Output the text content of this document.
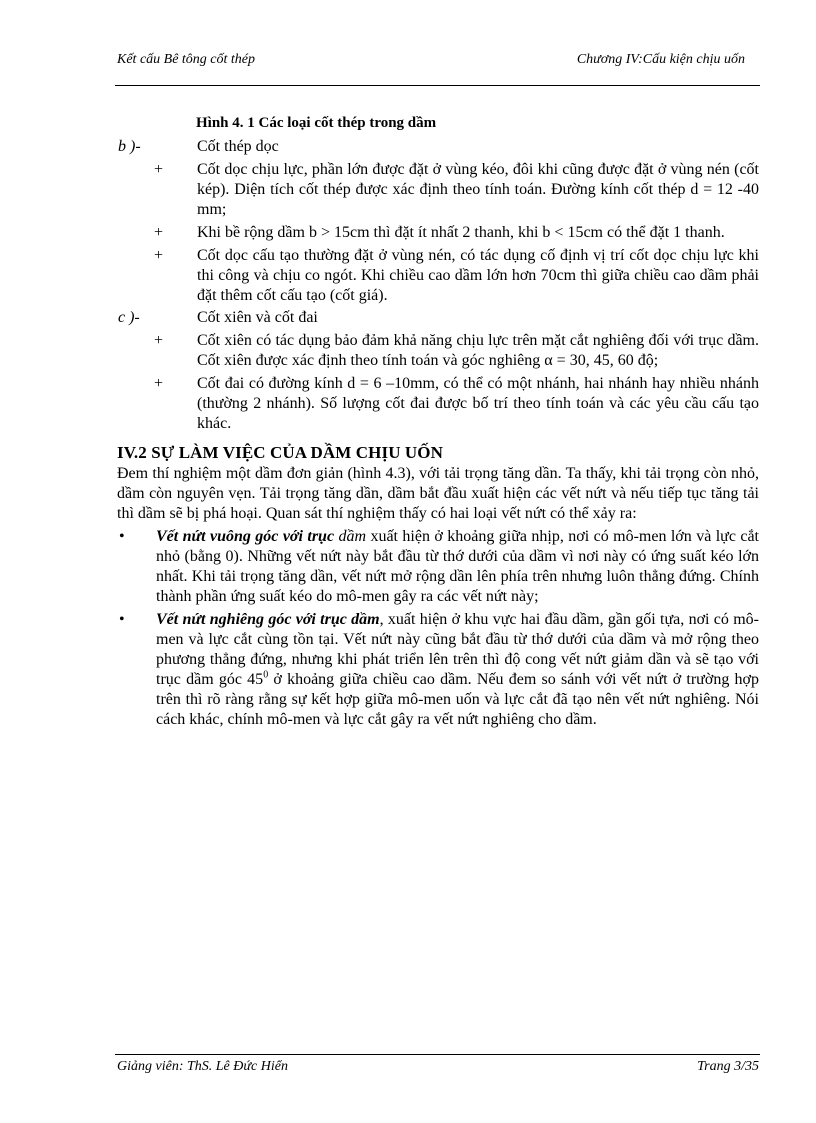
Kết cấu Bê tông cốt thép	Chương IV:Cấu kiện chịu uốn
Hình 4. 1 Các loại cốt thép trong dầm
b )-	Cốt thép dọc
+ Cốt dọc chịu lực, phần lớn được đặt ở vùng kéo, đôi khi cũng được đặt ở vùng nén (cốt kép). Diện tích cốt thép được xác định theo tính toán. Đường kính cốt thép d = 12 -40 mm;
+ Khi bề rộng dầm b > 15cm thì đặt ít nhất 2 thanh, khi b < 15cm có thể đặt 1 thanh.
+ Cốt dọc cấu tạo thường đặt ở vùng nén, có tác dụng cố định vị trí cốt dọc chịu lực khi thi công và chịu co ngót. Khi chiều cao dầm lớn hơn 70cm thì giữa chiều cao dầm phải đặt thêm cốt cấu tạo (cốt giá).
c )-	Cốt xiên và cốt đai
+ Cốt xiên có tác dụng bảo đảm khả năng chịu lực trên mặt cắt nghiêng đối với trục dầm. Cốt xiên được xác định theo tính toán và góc nghiêng α = 30, 45, 60 độ;
+ Cốt đai có đường kính d = 6 –10mm, có thể có một nhánh, hai nhánh hay nhiều nhánh (thường 2 nhánh). Số lượng cốt đai được bố trí theo tính toán và các yêu cầu cấu tạo khác.
IV.2 SỰ LÀM VIỆC CỦA DẦM CHỊU UỐN
Đem thí nghiệm một dầm đơn giản (hình 4.3), với tải trọng tăng dần. Ta thấy, khi tải trọng còn nhỏ, dầm còn nguyên vẹn. Tải trọng tăng dần, dầm bắt đầu xuất hiện các vết nứt và nếu tiếp tục tăng tải thì dầm sẽ bị phá hoại. Quan sát thí nghiệm thấy có hai loại vết nứt có thể xảy ra:
• Vết nứt vuông góc với trục dầm xuất hiện ở khoảng giữa nhịp, nơi có mô-men lớn và lực cắt nhỏ (bằng 0). Những vết nứt này bắt đầu từ thớ dưới của dầm vì nơi này có ứng suất kéo lớn nhất. Khi tải trọng tăng dần, vết nứt mở rộng dần lên phía trên nhưng luôn thẳng đứng. Chính thành phần ứng suất kéo do mô-men gây ra các vết nứt này;
• Vết nứt nghiêng góc với trục dầm, xuất hiện ở khu vực hai đầu dầm, gần gối tựa, nơi có mô-men và lực cắt cùng tồn tại. Vết nứt này cũng bắt đầu từ thớ dưới của dầm và mở rộng theo phương thẳng đứng, nhưng khi phát triển lên trên thì độ cong vết nứt giảm dần và sẽ tạo với trục dầm góc $45^0$ ở khoảng giữa chiều cao dầm. Nếu đem so sánh với vết nứt ở trường hợp trên thì rõ ràng rằng sự kết hợp giữa mô-men uốn và lực cắt đã tạo nên vết nứt nghiêng. Nói cách khác, chính mô-men và lực cắt gây ra vết nứt nghiêng cho dầm.
Giảng viên: ThS. Lê Đức Hiển	Trang 3/35
